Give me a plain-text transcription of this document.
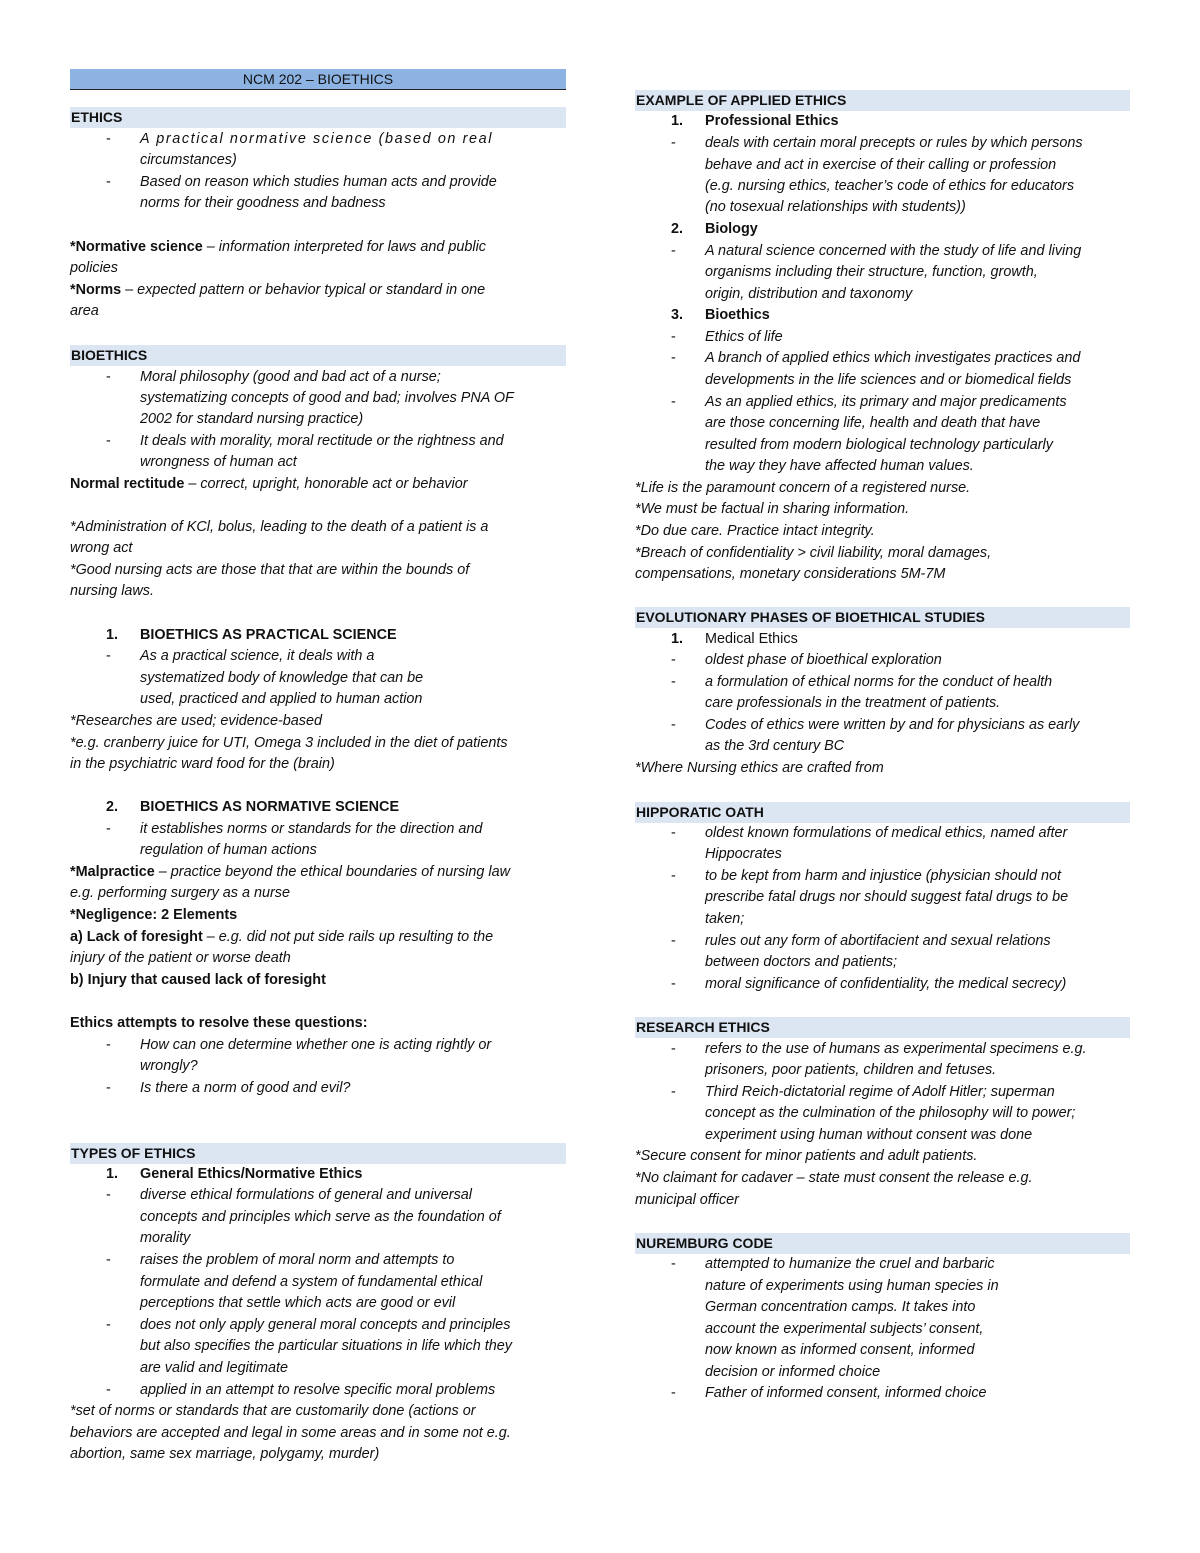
NCM 202 – BIOETHICS
ETHICS
- A practical normative science (based on real
circumstances)
- Based on reason which studies human acts and provide
norms for their goodness and badness
*Normative science – information interpreted for laws and public
policies
*Norms – expected pattern or behavior typical or standard in one
area
BIOETHICS
- Moral philosophy (good and bad act of a nurse;
systematizing concepts of good and bad; involves PNA OF
2002 for standard nursing practice)
- It deals with morality, moral rectitude or the rightness and
wrongness of human act
Normal rectitude – correct, upright, honorable act or behavior
*Administration of KCl, bolus, leading to the death of a patient is a
wrong act
*Good nursing acts are those that that are within the bounds of
nursing laws.
1.	BIOETHICS AS PRACTICAL SCIENCE
- As a practical science, it deals with a
systematized body of knowledge that can be
used, practiced and applied to human action
*Researches are used; evidence-based
*e.g. cranberry juice for UTI, Omega 3 included in the diet of patients
in the psychiatric ward food for the (brain)
2.	BIOETHICS AS NORMATIVE SCIENCE
- it establishes norms or standards for the direction and
regulation of human actions
*Malpractice – practice beyond the ethical boundaries of nursing law
e.g. performing surgery as a nurse
*Negligence: 2 Elements
a) Lack of foresight – e.g. did not put side rails up resulting to the
injury of the patient or worse death
b) Injury that caused lack of foresight
Ethics attempts to resolve these questions:
- How can one determine whether one is acting rightly or
wrongly?
- Is there a norm of good and evil?
TYPES OF ETHICS
1.	General Ethics/Normative Ethics
- diverse ethical formulations of general and universal
concepts and principles which serve as the foundation of
morality
- raises the problem of moral norm and attempts to
formulate and defend a system of fundamental ethical
perceptions that settle which acts are good or evil
- does not only apply general moral concepts and principles
but also specifies the particular situations in life which they
are valid and legitimate
- applied in an attempt to resolve specific moral problems
*set of norms or standards that are customarily done (actions or
behaviors are accepted and legal in some areas and in some not e.g.
abortion, same sex marriage, polygamy, murder)
EXAMPLE OF APPLIED ETHICS
1.	Professional Ethics
- deals with certain moral precepts or rules by which persons
behave and act in exercise of their calling or profession
(e.g. nursing ethics, teacher’s code of ethics for educators
(no tosexual relationships with students))
2.	Biology
- A natural science concerned with the study of life and living
organisms including their structure, function, growth,
origin, distribution and taxonomy
3.	Bioethics
- Ethics of life
- A branch of applied ethics which investigates practices and
developments in the life sciences and or biomedical fields
- As an applied ethics, its primary and major predicaments
are those concerning life, health and death that have
resulted from modern biological technology particularly
the way they have affected human values.
*Life is the paramount concern of a registered nurse.
*We must be factual in sharing information.
*Do due care. Practice intact integrity.
*Breach of confidentiality > civil liability, moral damages,
compensations, monetary considerations 5M-7M
EVOLUTIONARY PHASES OF BIOETHICAL STUDIES
1.	Medical Ethics
- oldest phase of bioethical exploration
- a formulation of ethical norms for the conduct of health
care professionals in the treatment of patients.
- Codes of ethics were written by and for physicians as early
as the 3rd century BC
*Where Nursing ethics are crafted from
HIPPORATIC OATH
- oldest known formulations of medical ethics, named after
Hippocrates
- to be kept from harm and injustice (physician should not
prescribe fatal drugs nor should suggest fatal drugs to be
taken;
- rules out any form of abortifacient and sexual relations
between doctors and patients;
- moral significance of confidentiality, the medical secrecy)
RESEARCH ETHICS
- refers to the use of humans as experimental specimens e.g.
prisoners, poor patients, children and fetuses.
- Third Reich-dictatorial regime of Adolf Hitler; superman
concept as the culmination of the philosophy will to power;
experiment using human without consent was done
*Secure consent for minor patients and adult patients.
*No claimant for cadaver – state must consent the release e.g.
municipal officer
NUREMBURG CODE
- attempted to humanize the cruel and barbaric
nature of experiments using human species in
German concentration camps. It takes into
account the experimental subjects’ consent,
now known as informed consent, informed
decision or informed choice
- Father of informed consent, informed choice
